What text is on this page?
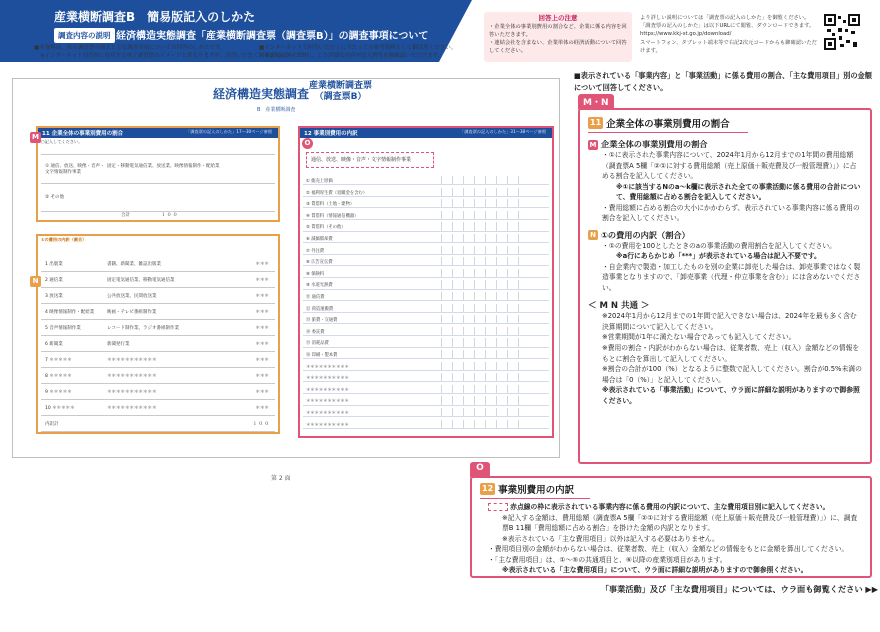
産業横断調査B　簡易版記入のしかた
調査内容の説明 経済構造実態調査「産業横断調査票（調査票B）」の調査事項について
■本資料は、紙の調査票の様式と主な調査事項についての回答のしかたです。
※インターネット回答時に使用する電子調査票のイメージと異なりますが、回答いただく調査事項は同じです。
■インターネットで回答いただくに当たっての参考資料として御活用ください。
※2次元コードから、より詳細な内容や記入例等を御確認いただけます。
回答上の注意
・企業全体の事業別費用の割合など、企業に係る内容を回答いただきます。
・連結会社を含まない、企業単体の経済活動について回答してください。
より詳しい説明については「調査票の記入のしかた」を御覧ください。
「調査票の記入のしかた」は以下URLにて閲覧、ダウンロードできます。
https://www.kkj-st.go.jp/download/
スマートフォン、タブレット端末等で右記2次元コードからも御確認いただけます。
経済構造実態調査
産業横断調査票
（調査票B）
B　産業横断調査
第 2 面
11 企業全体の事業別費用の割合	「調査票の記入のしかた」17～30ページ参照
○記入してください。
① 通信、放送、映像・音声・文字情報制作事業
固定・移動電気通信業、放送業、映像情報制作・配給業
② その他
合計	１ ０ ０
M
①の費用の内訳（割合）
1 出版業	書籍、新聞業、雑誌出版業	＊＊＊
2 通信業	固定電気通信業、移動電気通信業	＊＊＊
3 放送業	公共放送業、民間放送業	＊＊＊
4 映像情報制作・配給業	映画・テレビ番組制作業	＊＊＊
5 音声情報制作業	レコード制作業、ラジオ番組制作業	＊＊＊
6 新聞業	新聞発行業	＊＊＊
7 ＊＊＊＊＊	＊＊＊＊＊＊＊＊＊＊＊	＊＊＊
8 ＊＊＊＊＊	＊＊＊＊＊＊＊＊＊＊＊	＊＊＊
9 ＊＊＊＊＊	＊＊＊＊＊＊＊＊＊＊＊	＊＊＊
10 ＊＊＊＊＊	＊＊＊＊＊＊＊＊＊＊＊	＊＊＊
内訳計	１ ０ ０
N
12 事業別費用の内訳	「調査票の記入のしかた」31～38ページ参照
通信、放送、映像・音声・文字情報制作事業
① 総売上原価
② 福利厚生費（退職金を含む）
③ 賃借料（土地・建物）
④ 賃借料（情報通信機器）
⑤ 賃借料（その他）
⑥ 減価償却費
⑦ 外注費
⑧ 広告宣伝費
⑨ 保険料
⑩ 水道光熱費
⑪ 通信費
⑫ 荷造運搬費
⑬ 旅費・交通費
⑭ 委託費
⑮ 消耗品費
⑯ 印刷・製本費
＊＊＊＊＊＊＊＊＊＊
＊＊＊＊＊＊＊＊＊＊
＊＊＊＊＊＊＊＊＊＊
＊＊＊＊＊＊＊＊＊＊
＊＊＊＊＊＊＊＊＊＊
＊＊＊＊＊＊＊＊＊＊
O
■表示されている「事業内容」と「事業活動」に係る費用の割合、「主な費用項目」別の金額について回答してください。
M・N
11 企業全体の事業別費用の割合
M 企業全体の事業別費用の割合
・①に表示された事業内容について、2024年1月から12月までの1年間の費用総額（調査票A 5欄「②①に対する費用総額（売上原価＋販売費及び一般管理費）」）に占める割合を記入してください。
※①に該当するNのa～k欄に表示された全ての事業活動に係る費用の合計について、費用総額に占める割合を記入してください。
・費用総額に占める割合の大小にかかわらず、表示されている事業内容に係る費用の割合を記入してください。
N ①の費用の内訳（割合）
・①の費用を100としたときのaの事業活動の費用割合を記入してください。
※a行にあらかじめ「***」が表示されている場合は記入不要です。
・自企業内で製造・加工したものを別の企業に卸売した場合は、卸売事業ではなく製造事業となりますので、「卸売事業（代理・仲立事業を含む）」には含めないでください。
＜ M N 共通 ＞
※2024年1月から12月までの1年間で記入できない場合は、2024年を最も多く含む決算期間について記入してください。
※営業期間が1年に満たない場合であっても記入してください。
※費用の割合・内訳がわからない場合は、従業者数、売上（収入）金額などの情報をもとに割合を算出して記入してください。
※割合の合計が100（%）となるように整数で記入してください。割合が0.5%未満の場合は「0（%）」と記入してください。
※表示されている「事業活動」について、ウラ面に詳細な説明がありますので御参照ください。
O
12 事業別費用の内訳
赤点線の枠に表示されている事業内容に係る費用の内訳について、主な費用項目別に記入してください。
※記入する金額は、費用総額（調査票A 5欄「②①に対する費用総額（売上原価＋販売費及び一般管理費）」）に、調査票B 11欄「費用総額に占める割合」を掛けた金額の内訳となります。
※表示されている「主な費用項目」以外は記入する必要はありません。
・費用項目別の金額がわからない場合は、従業者数、売上（収入）金額などの情報をもとに金額を算出してください。
・「主な費用項目」は、①～⑤の共通項目と、⑥以降の産業別項目があります。
※表示されている「主な費用項目」について、ウラ面に詳細な説明がありますので御参照ください。
「事業活動」及び「主な費用項目」については、ウラ面も御覧ください ▶▶
